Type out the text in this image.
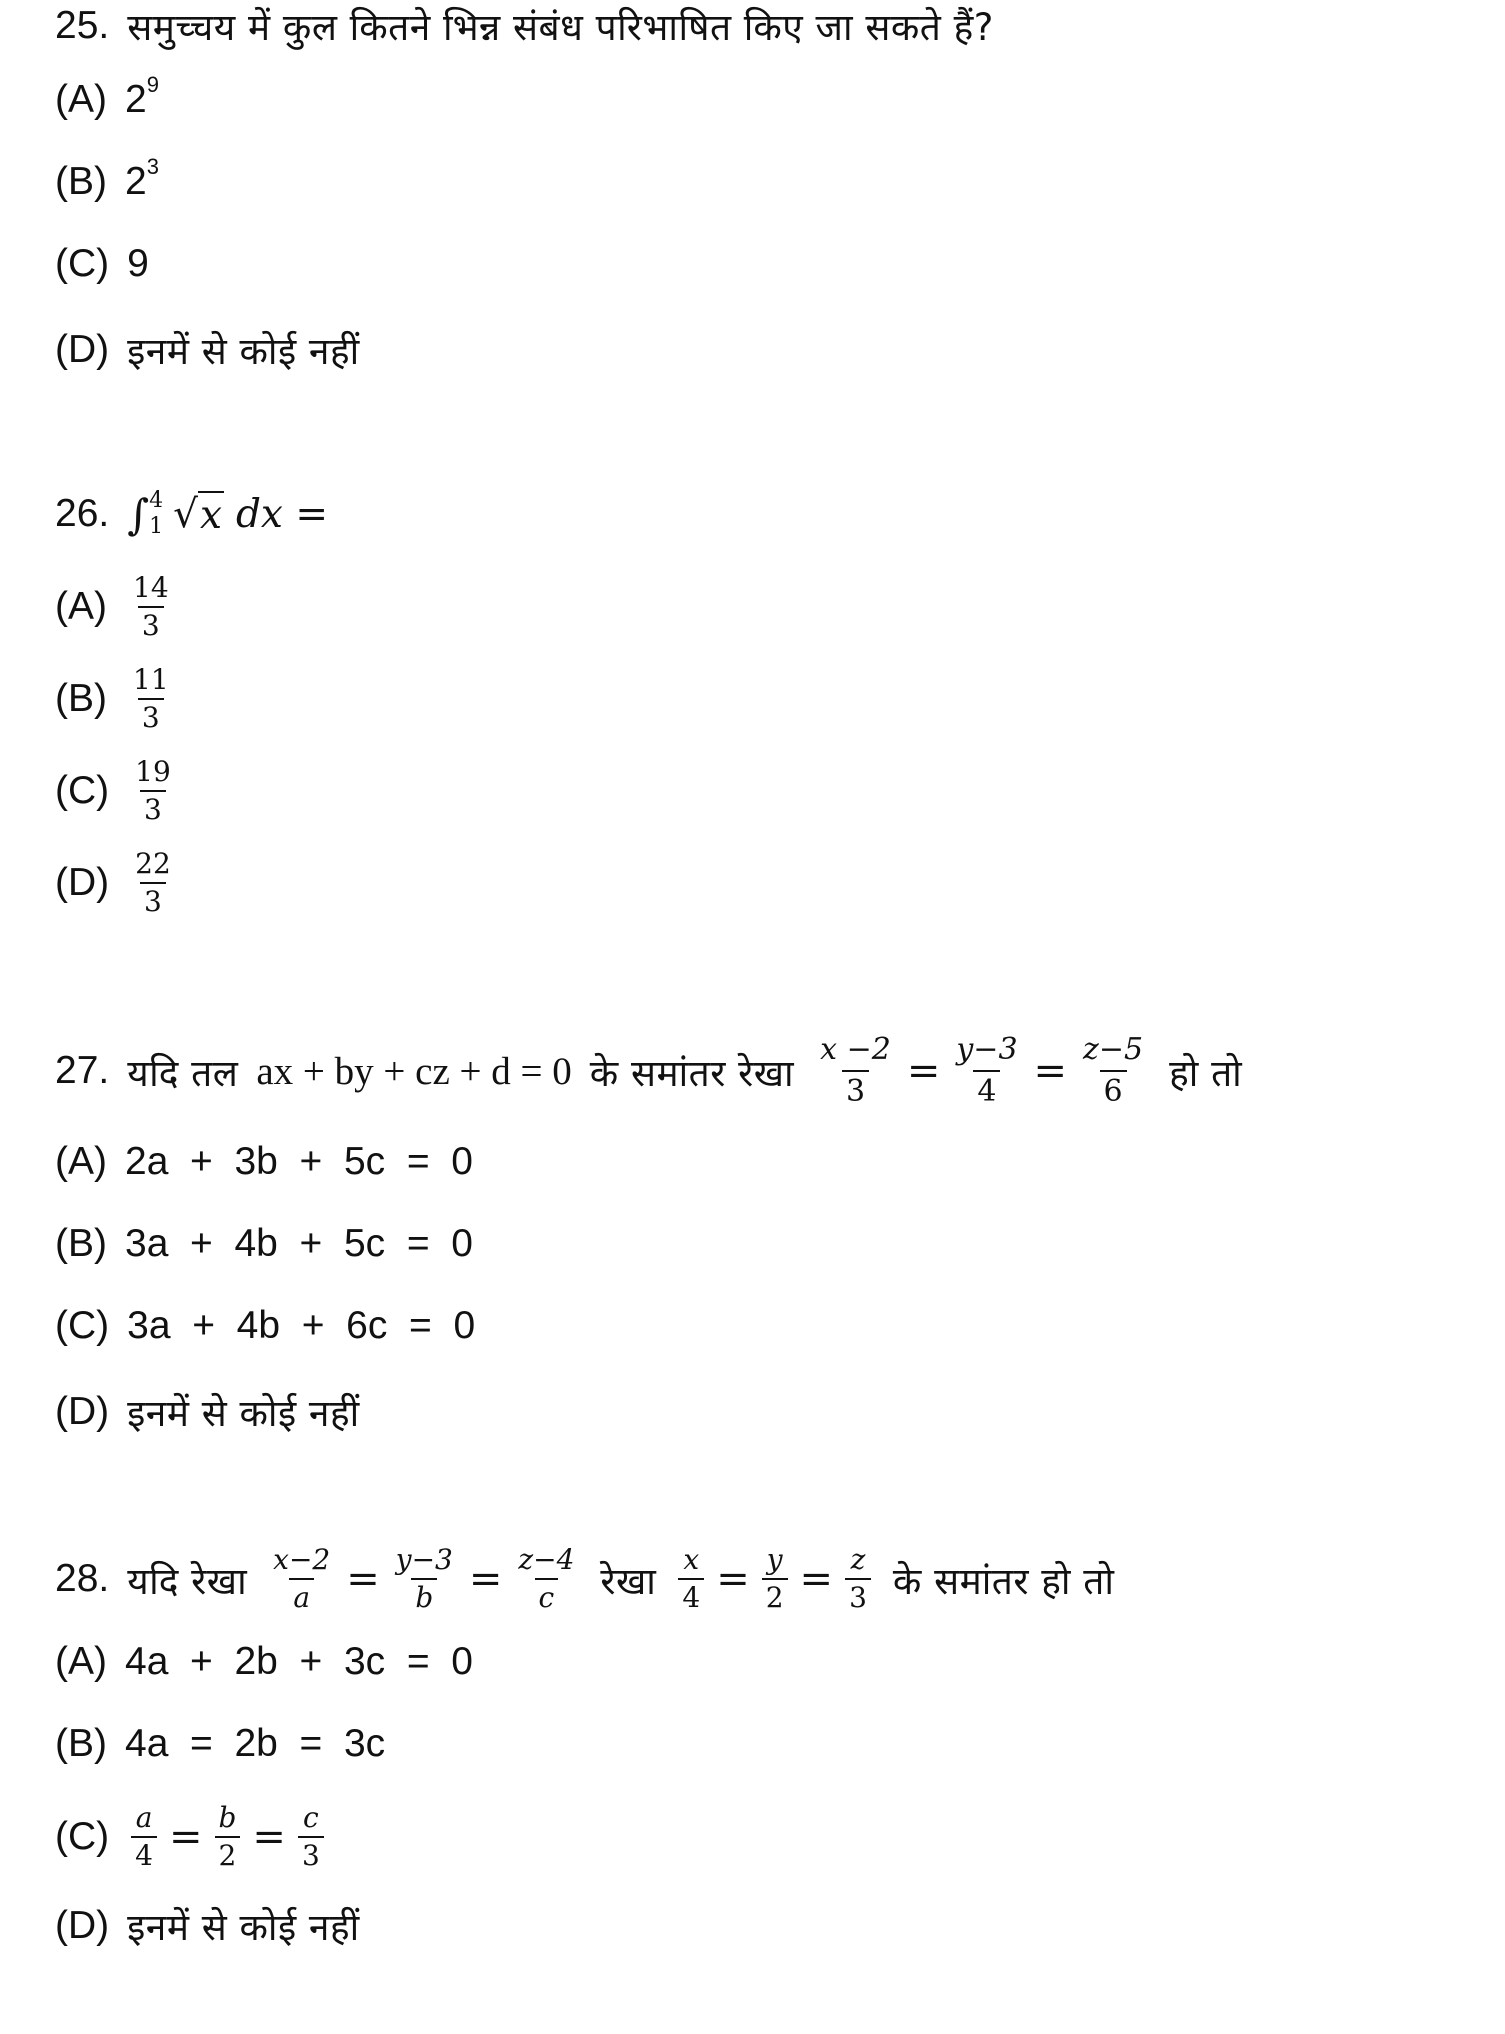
25. समुच्चय में कुल कितने भिन्न संबंध परिभाषित किए जा सकते हैं?
(A) $2^9$
(B) $2^3$
(C) 9
(D) इनमें से कोई नहीं
26. ∫ 4
1 √ x dx =
$(A) \frac{14}{3}$
$(B) \frac{11}{3}$
$(C) \frac{19}{3}$
$(D) \frac{22}{3}$
27. यदि तल ax + by + cz + d = 0 के समांतर रेखा $\frac{x -2}{3} = \frac{y-3}{4} = \frac{z-5}{6}$ हो तो
(A) 2a  +  3b  +  5c  =  0
(B) 3a  +  4b  +  5c  =  0
(C) 3a  +  4b  +  6c  =  0
(D) इनमें से कोई नहीं
28. यदि रेखा $\frac{x-2}{a} = \frac{y-3}{b} = \frac{z-4}{c}$ रेखा $\frac{x}{4} = \frac{y}{2} = \frac{z}{3}$ के समांतर हो तो
(A) 4a  +  2b  +  3c  =  0
(B) 4a  =  2b  =  3c
$(C) \frac{a}{4} = \frac{b}{2} = \frac{c}{3}$
(D) इनमें से कोई नहीं
